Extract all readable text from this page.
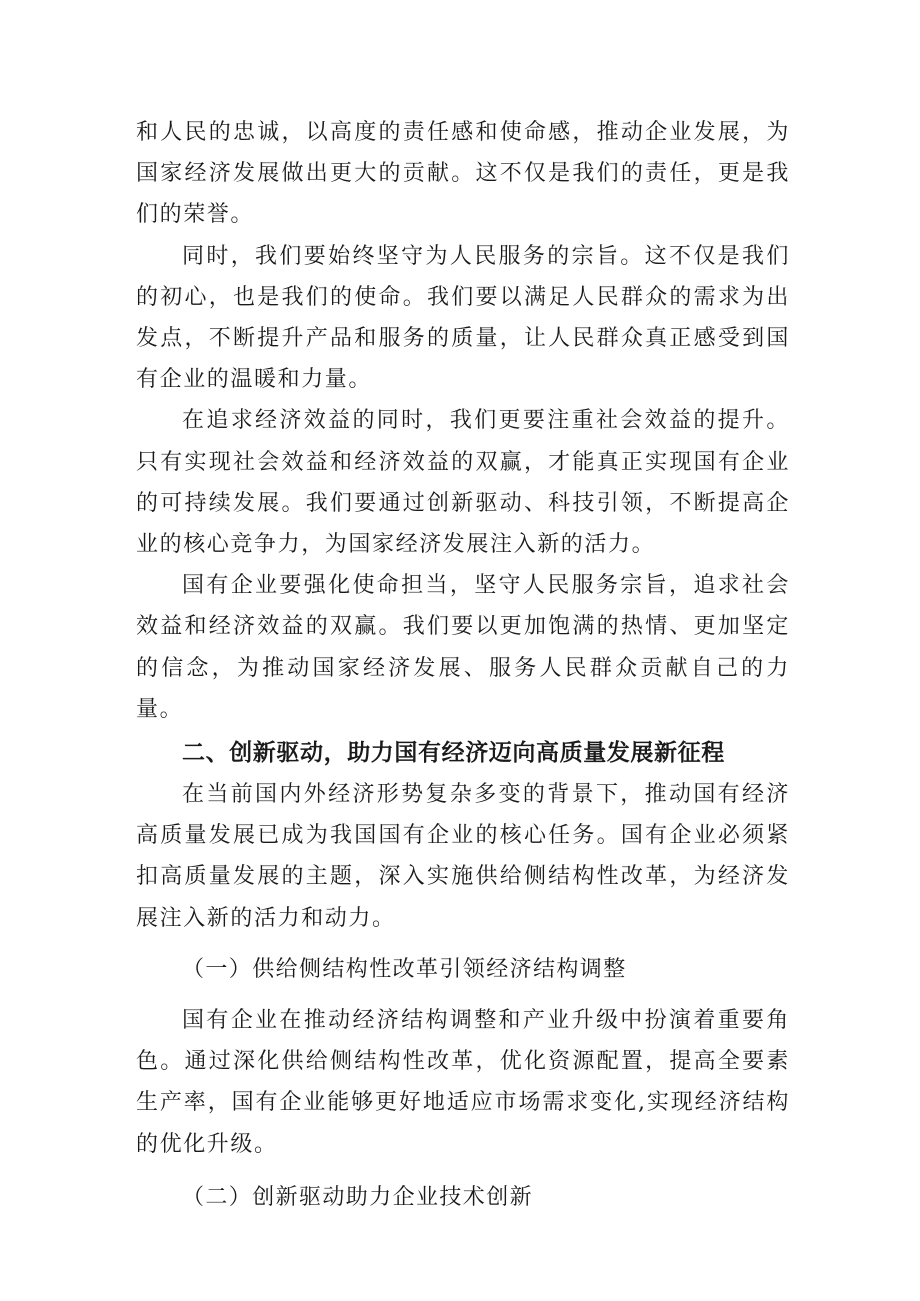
和人民的忠诚，以高度的责任感和使命感，推动企业发展，为国家经济发展做出更大的贡献。这不仅是我们的责任，更是我们的荣誉。

同时，我们要始终坚守为人民服务的宗旨。这不仅是我们的初心，也是我们的使命。我们要以满足人民群众的需求为出发点，不断提升产品和服务的质量，让人民群众真正感受到国有企业的温暖和力量。

在追求经济效益的同时，我们更要注重社会效益的提升。只有实现社会效益和经济效益的双赢，才能真正实现国有企业的可持续发展。我们要通过创新驱动、科技引领，不断提高企业的核心竞争力，为国家经济发展注入新的活力。

国有企业要强化使命担当，坚守人民服务宗旨，追求社会效益和经济效益的双赢。我们要以更加饱满的热情、更加坚定的信念，为推动国家经济发展、服务人民群众贡献自己的力量。

二、创新驱动，助力国有经济迈向高质量发展新征程

在当前国内外经济形势复杂多变的背景下，推动国有经济高质量发展已成为我国国有企业的核心任务。国有企业必须紧扣高质量发展的主题，深入实施供给侧结构性改革，为经济发展注入新的活力和动力。

（一）供给侧结构性改革引领经济结构调整

国有企业在推动经济结构调整和产业升级中扮演着重要角色。通过深化供给侧结构性改革，优化资源配置，提高全要素生产率，国有企业能够更好地适应市场需求变化,实现经济结构的优化升级。

（二）创新驱动助力企业技术创新
